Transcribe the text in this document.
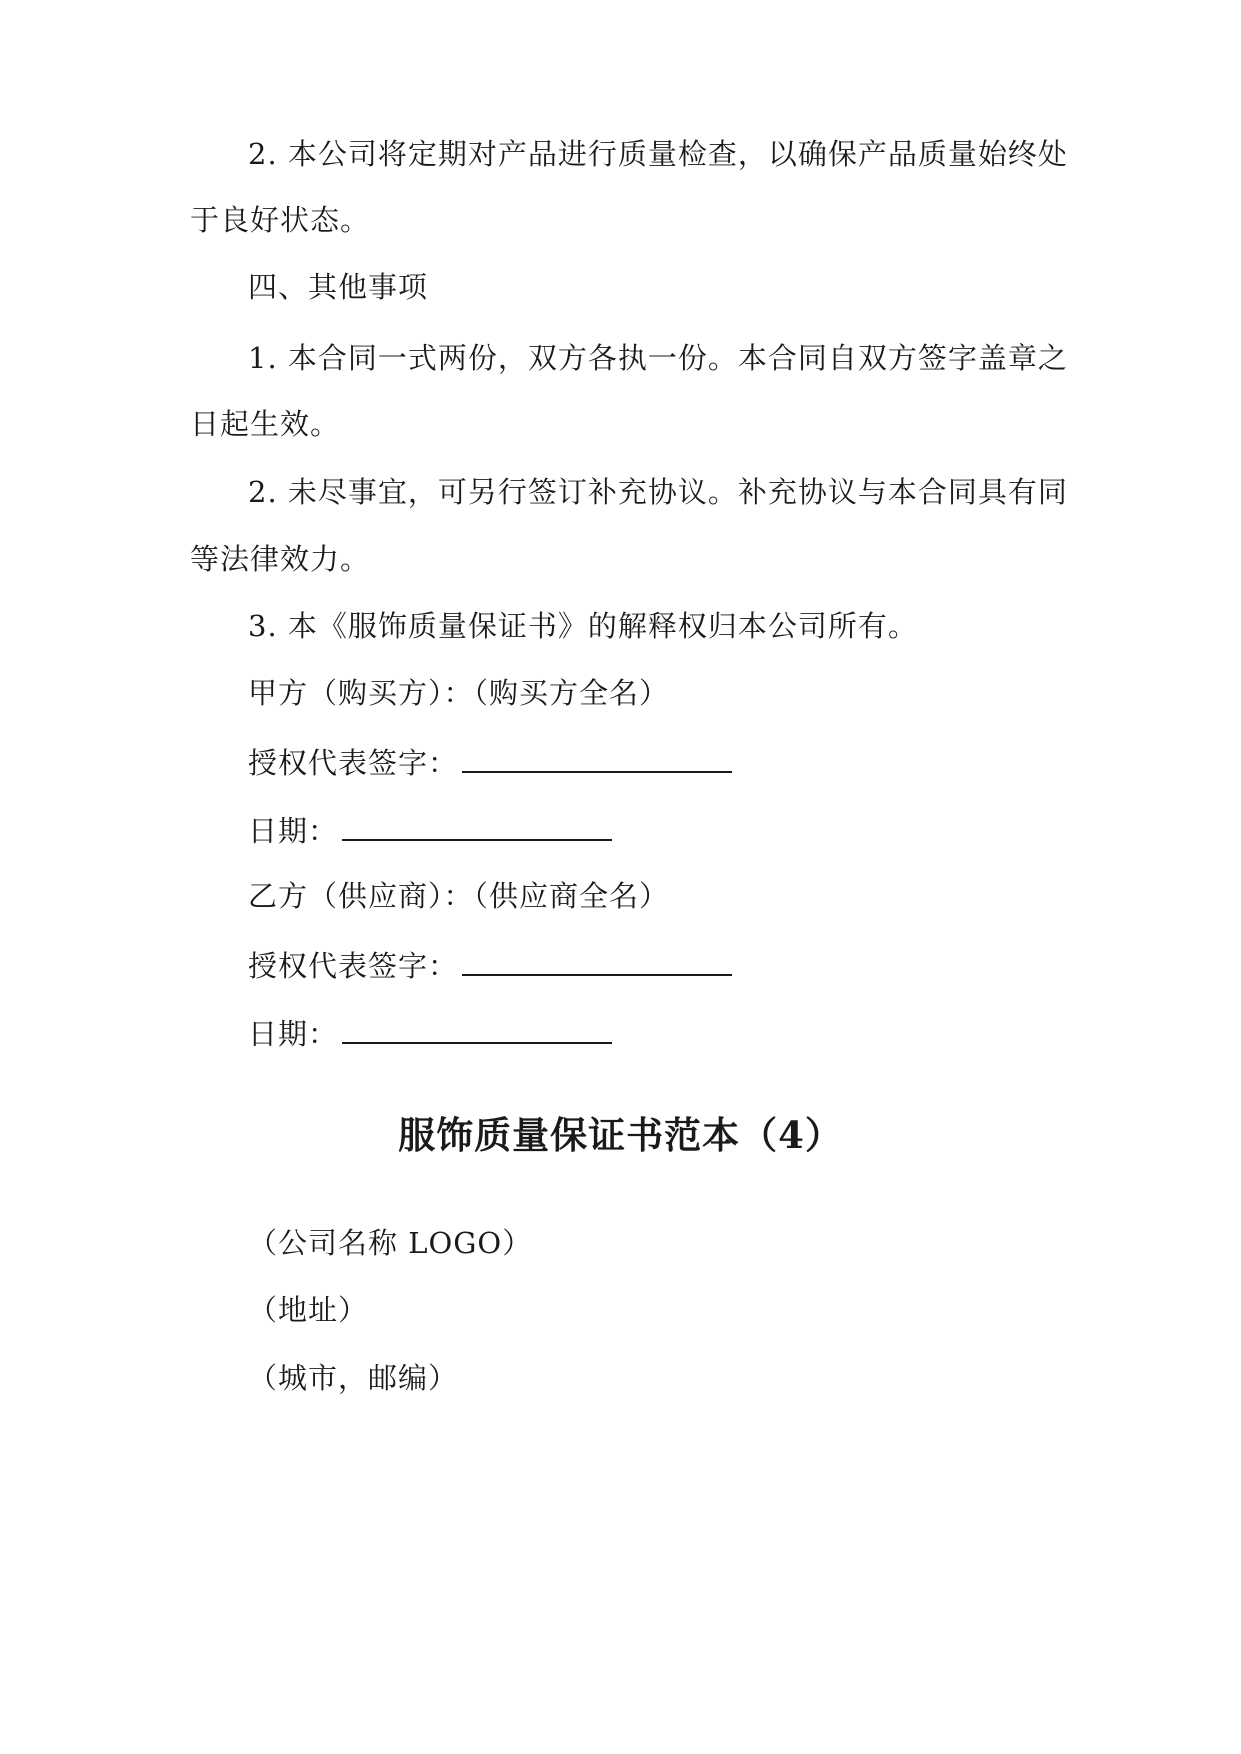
2. 本公司将定期对产品进行质量检查，以确保产品质量始终处
于良好状态。
四、其他事项
1. 本合同一式两份，双方各执一份。本合同自双方签字盖章之
日起生效。
2. 未尽事宜，可另行签订补充协议。补充协议与本合同具有同
等法律效力。
3. 本《服饰质量保证书》的解释权归本公司所有。
甲方（购买方）：（购买方全名）
授权代表签字：
日期：
乙方（供应商）：（供应商全名）
授权代表签字：
日期：
服饰质量保证书范本（4）
（公司名称 LOGO）
（地址）
（城市，邮编）
